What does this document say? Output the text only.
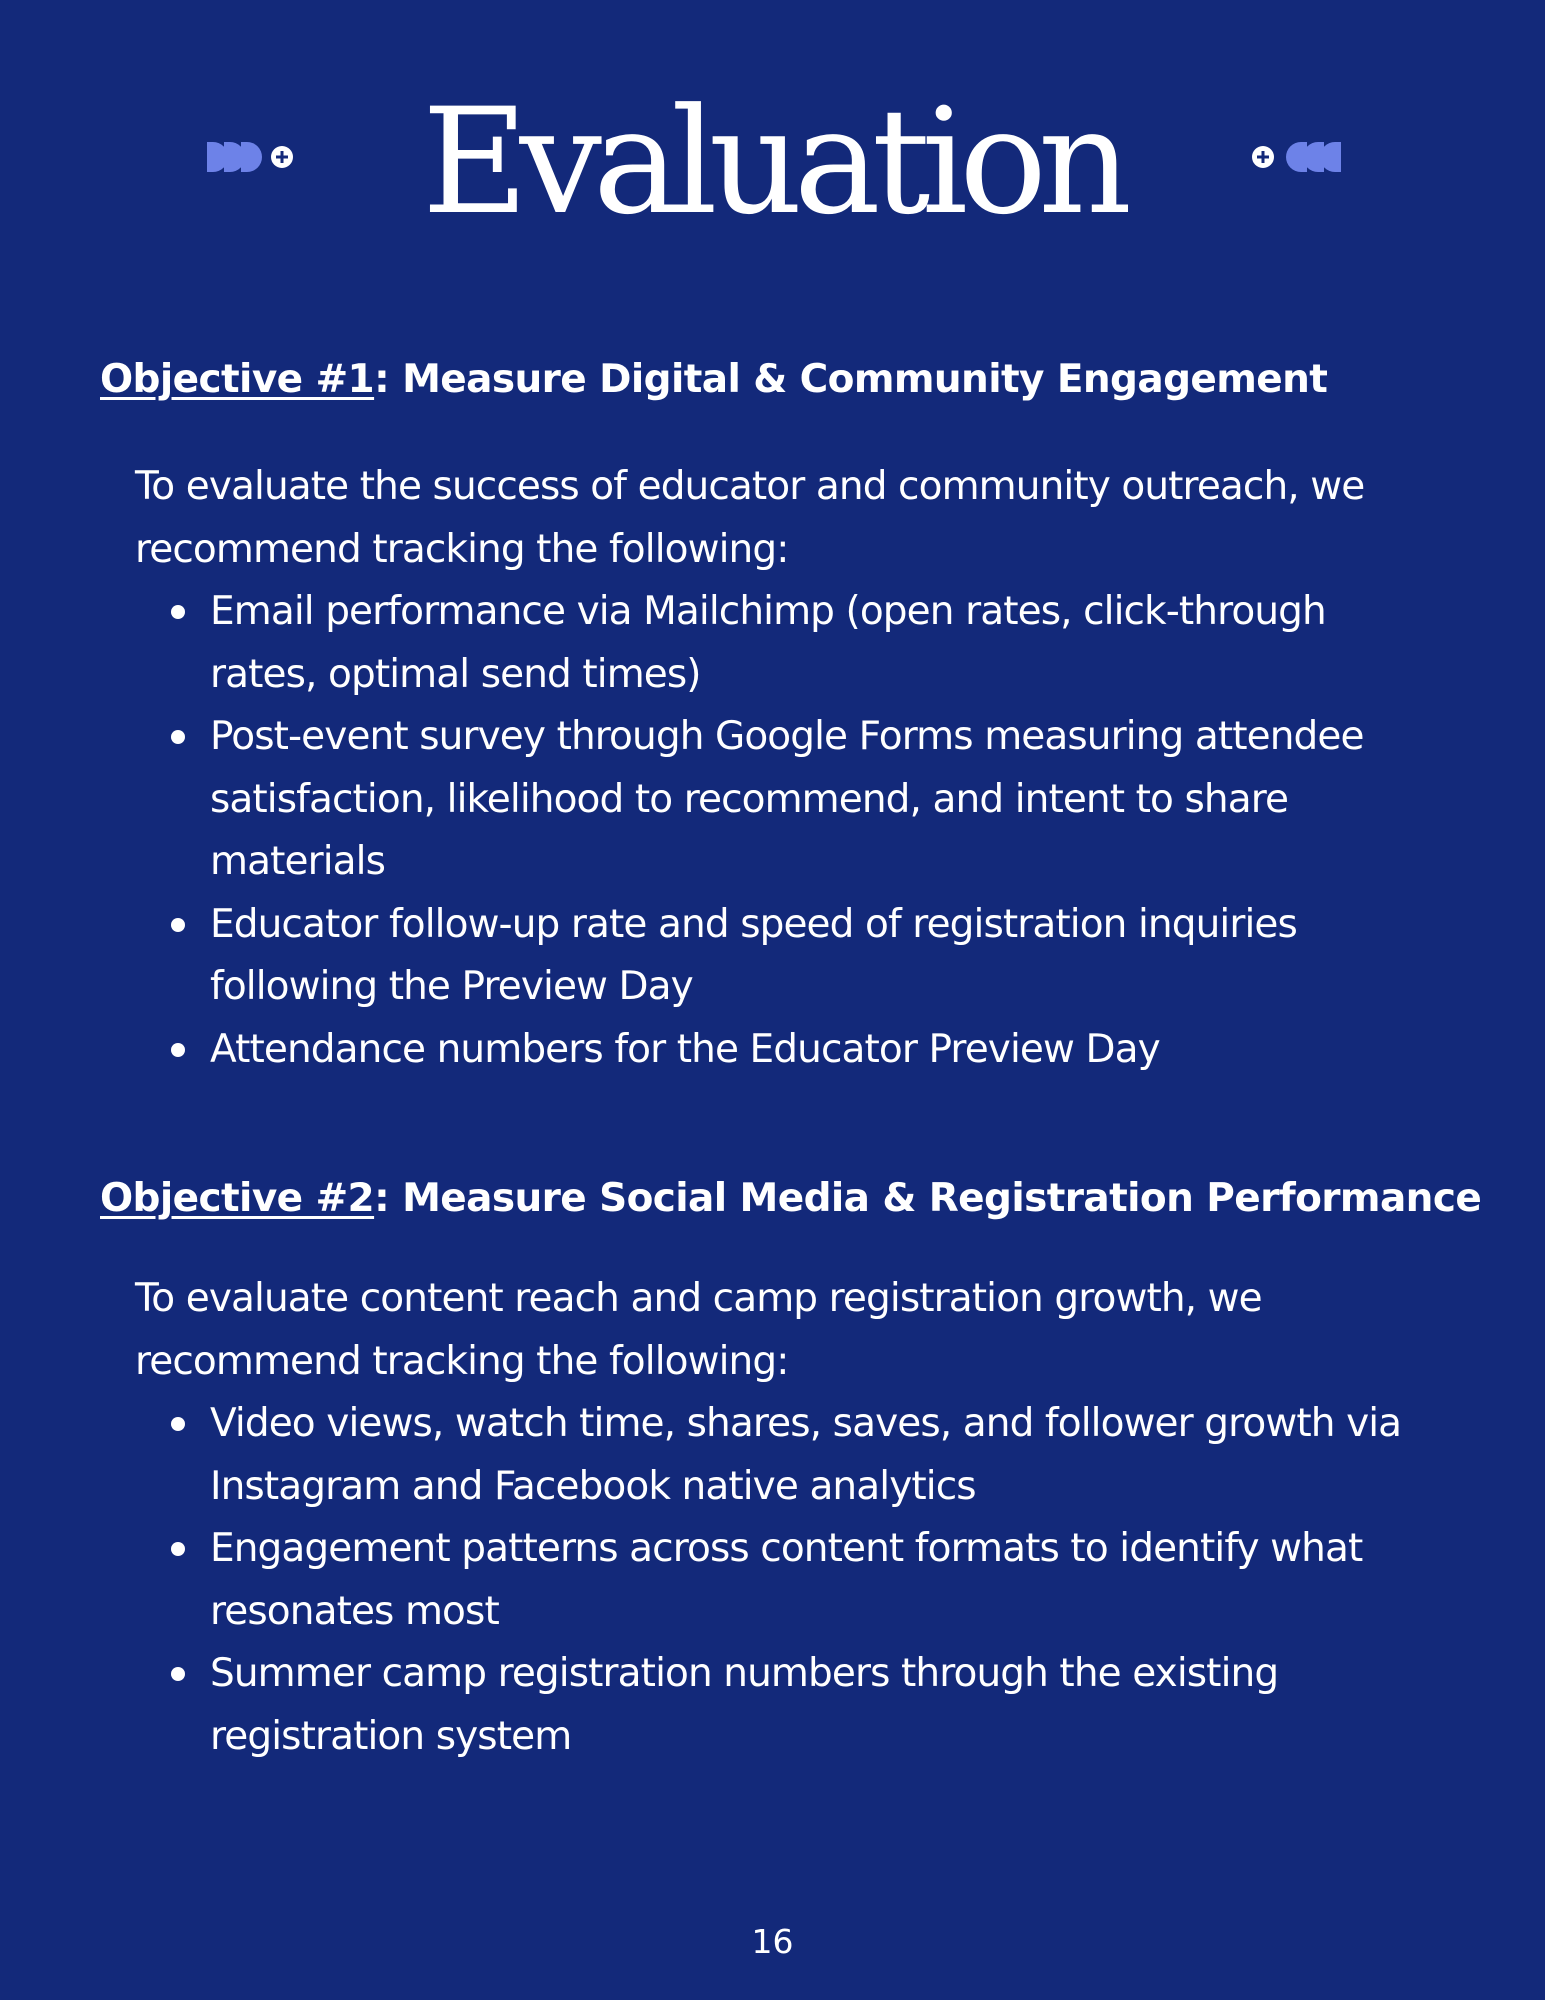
Evaluation
Objective #1: Measure Digital & Community Engagement

To evaluate the success of educator and community outreach, we recommend tracking the following:

Email performance via Mailchimp (open rates, click-through rates, optimal send times)
Post-event survey through Google Forms measuring attendee satisfaction, likelihood to recommend, and intent to share materials
Educator follow-up rate and speed of registration inquiries following the Preview Day
Attendance numbers for the Educator Preview Day
Objective #2: Measure Social Media & Registration Performance

To evaluate content reach and camp registration growth, we recommend tracking the following:

Video views, watch time, shares, saves, and follower growth via Instagram and Facebook native analytics
Engagement patterns across content formats to identify what resonates most
Summer camp registration numbers through the existing registration system
16
